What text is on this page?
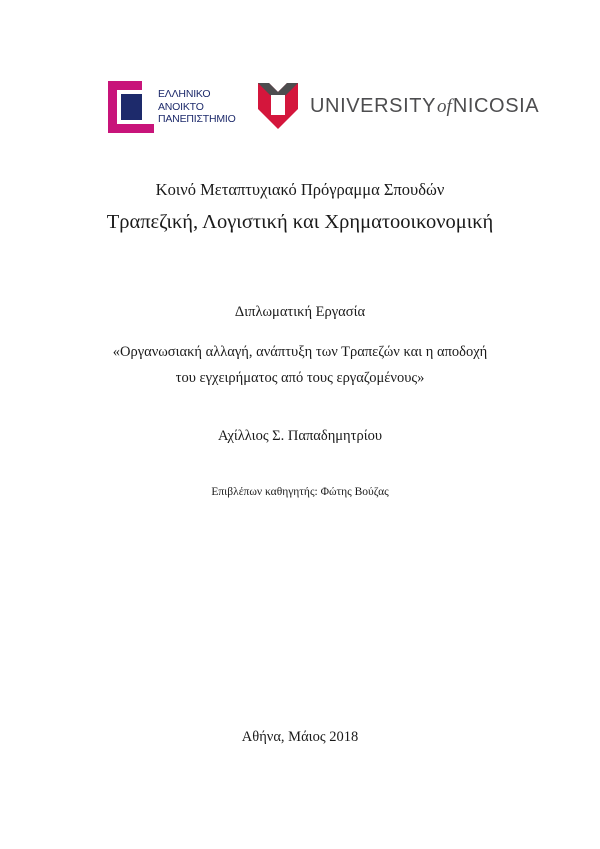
ΕΛΛΗΝΙΚΟ
ΑΝΟΙΚΤΟ
ΠΑΝΕΠΙΣΤΗΜΙΟ
UNIVERSITYofNICOSIA
Κοινό Μεταπτυχιακό Πρόγραμμα Σπουδών
Τραπεζική, Λογιστική και Χρηματοοικονομική
Διπλωματική Εργασία
«Οργανωσιακή αλλαγή, ανάπτυξη των Τραπεζών και η αποδοχή
του εγχειρήματος από τους εργαζομένους»
Αχίλλιος Σ. Παπαδημητρίου
Επιβλέπων καθηγητής: Φώτης Βούζας
Αθήνα, Μάιος 2018
